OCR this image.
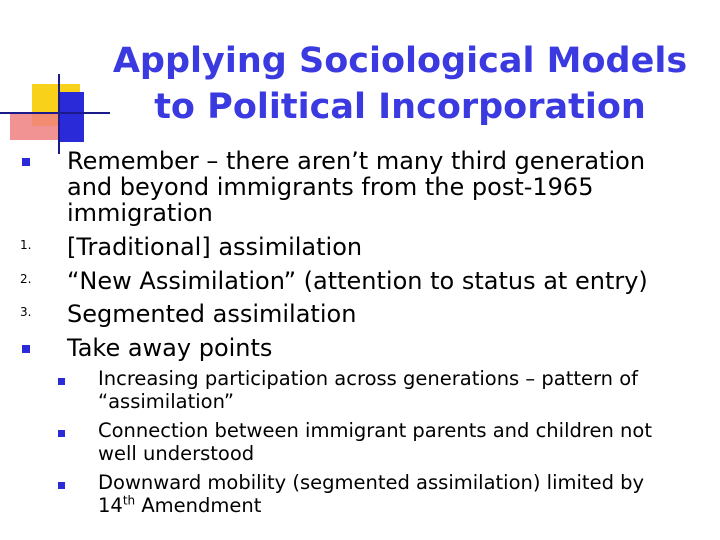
Applying Sociological Models
to Political Incorporation
Remember – there aren’t many third generation
and beyond immigrants from the post-1965
immigration
1. [Traditional] assimilation
2. “New Assimilation” (attention to status at entry)
3. Segmented assimilation
Take away points
Increasing participation across generations – pattern of
“assimilation”
Connection between immigrant parents and children not
well understood
Downward mobility (segmented assimilation) limited by
14th Amendment
